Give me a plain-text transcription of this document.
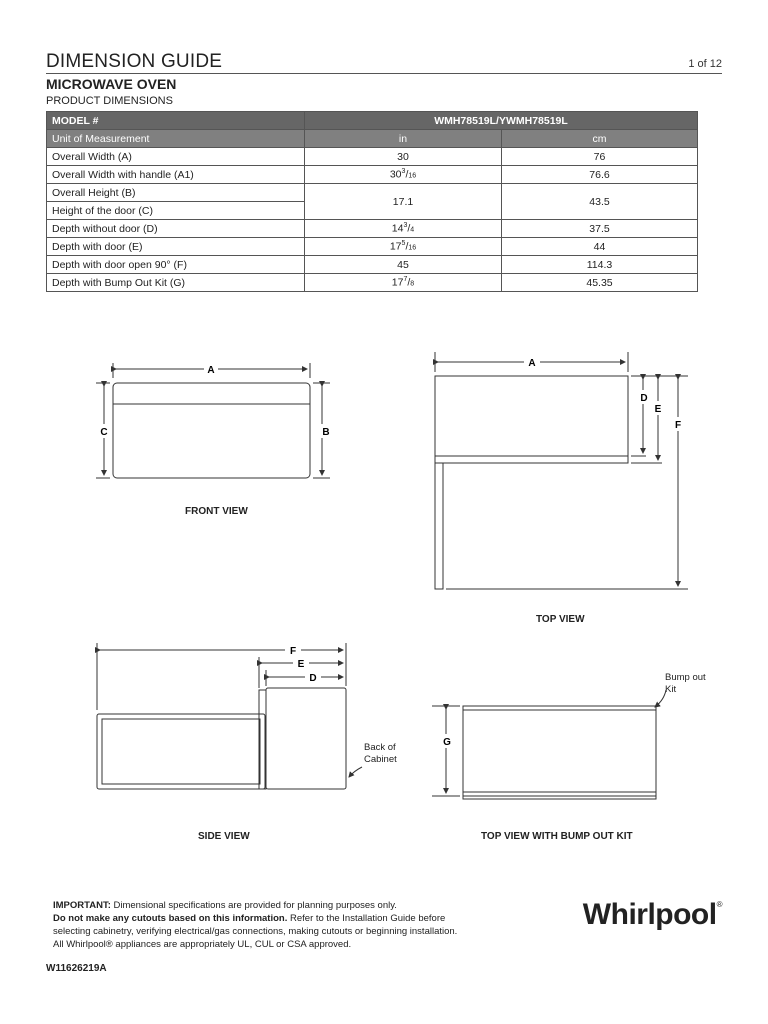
DIMENSION GUIDE	1 of 12
MICROWAVE OVEN
PRODUCT DIMENSIONS
MODEL #	WMH78519L/YWMH78519L	
Unit of Measurement	in	cm
Overall Width (A)	30	76
Overall Width with handle (A1)	$30^3/16$	76.6
Overall Height (B)	17.1	43.5
Height of the door (C)		
Depth without door (D)	$14^3/4$	37.5
Depth with door (E)	$17^5/16$	44
Depth with door open 90° (F)	45	114.3
Depth with Bump Out Kit (G)	$17^7/8$	45.35
A
C	B
A
D
E
F
F
E
D
G
FRONT VIEW
TOP VIEW
SIDE VIEW	TOP VIEW WITH BUMP OUT KIT
Back of
Cabinet
Bump out
Kit
IMPORTANT: Dimensional specifications are provided for planning purposes only.
Do not make any cutouts based on this information. Refer to the Installation Guide before
selecting cabinetry, verifying electrical/gas connections, making cutouts or beginning installation.
All Whirlpool® appliances are appropriately UL, CUL or CSA approved.
W11626219A
Whirlpool®
